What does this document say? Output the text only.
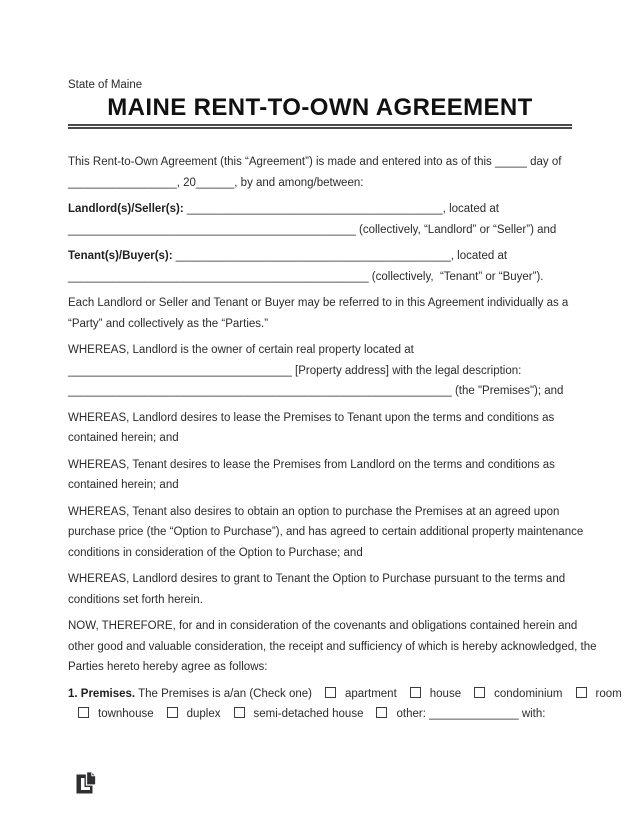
State of Maine
MAINE RENT-TO-OWN AGREEMENT
This Rent-to-Own Agreement (this “Agreement”) is made and entered into as of this _____ day of
_________________, 20______, by and among/between:
Landlord(s)/Seller(s): ________________________________________, located at
_____________________________________________ (collectively, “Landlord” or “Seller”) and
Tenant(s)/Buyer(s): ___________________________________________, located at
_______________________________________________ (collectively,  “Tenant” or “Buyer”).
Each Landlord or Seller and Tenant or Buyer may be referred to in this Agreement individually as a
“Party” and collectively as the “Parties.”
WHEREAS, Landlord is the owner of certain real property located at
___________________________________ [Property address] with the legal description:
____________________________________________________________ (the "Premises"); and
WHEREAS, Landlord desires to lease the Premises to Tenant upon the terms and conditions as
contained herein; and
WHEREAS, Tenant desires to lease the Premises from Landlord on the terms and conditions as
contained herein; and
WHEREAS, Tenant also desires to obtain an option to purchase the Premises at an agreed upon
purchase price (the “Option to Purchase”), and has agreed to certain additional property maintenance
conditions in consideration of the Option to Purchase; and
WHEREAS, Landlord desires to grant to Tenant the Option to Purchase pursuant to the terms and
conditions set forth herein.
NOW, THEREFORE, for and in consideration of the covenants and obligations contained herein and
other good and valuable consideration, the receipt and sufficiency of which is hereby acknowledged, the
Parties hereto hereby agree as follows:
1. Premises. The Premises is a/an (Check one)	apartment	house	condominium	room
townhouse	duplex	semi-detached house	other: ______________ with:
